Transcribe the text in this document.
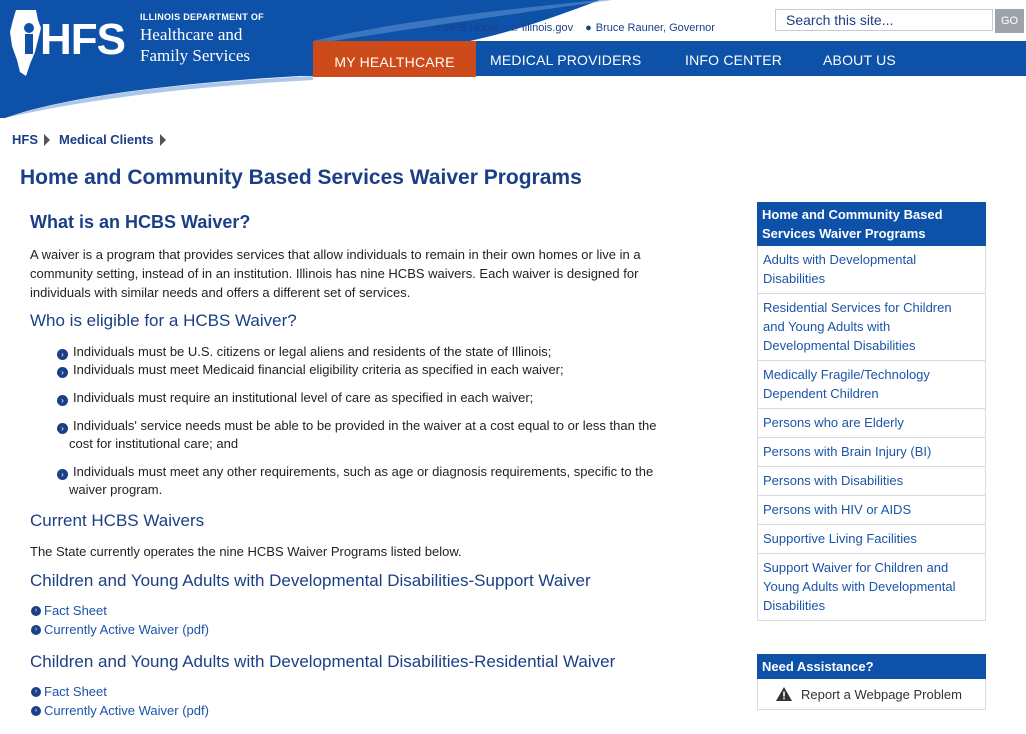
HFS ILLINOIS DEPARTMENT OF
Healthcare and
Family Services
⌂ HFS Home ⌂ Illinois.gov ● Bruce Rauner, Governor
Search this site...
GO
MY HEALTHCARE	MEDICAL PROVIDERS	INFO CENTER	ABOUT US
HFS Medical Clients
Home and Community Based Services Waiver Programs
What is an HCBS Waiver?
A waiver is a program that provides services that allow individuals to remain in their own homes or live in a
community setting, instead of in an institution. Illinois has nine HCBS waivers. Each waiver is designed for
individuals with similar needs and offers a different set of services.
Who is eligible for a HCBS Waiver?
› Individuals must be U.S. citizens or legal aliens and residents of the state of Illinois;
› Individuals must meet Medicaid financial eligibility criteria as specified in each waiver;
› Individuals must require an institutional level of care as specified in each waiver;
› Individuals' service needs must be able to be provided in the waiver at a cost equal to or less than the
cost for institutional care; and
› Individuals must meet any other requirements, such as age or diagnosis requirements, specific to the
waiver program.
Current HCBS Waivers
The State currently operates the nine HCBS Waiver Programs listed below.
Children and Young Adults with Developmental Disabilities-Support Waiver
› Fact Sheet
› Currently Active Waiver (pdf)
Children and Young Adults with Developmental Disabilities-Residential Waiver
› Fact Sheet
› Currently Active Waiver (pdf)
Home and Community Based
Services Waiver Programs
Adults with Developmental
Disabilities
Residential Services for Children
and Young Adults with
Developmental Disabilities
Medically Fragile/Technology
Dependent Children
Persons who are Elderly
Persons with Brain Injury (BI)
Persons with Disabilities
Persons with HIV or AIDS
Supportive Living Facilities
Support Waiver for Children and
Young Adults with Developmental
Disabilities
Need Assistance?
Report a Webpage Problem
